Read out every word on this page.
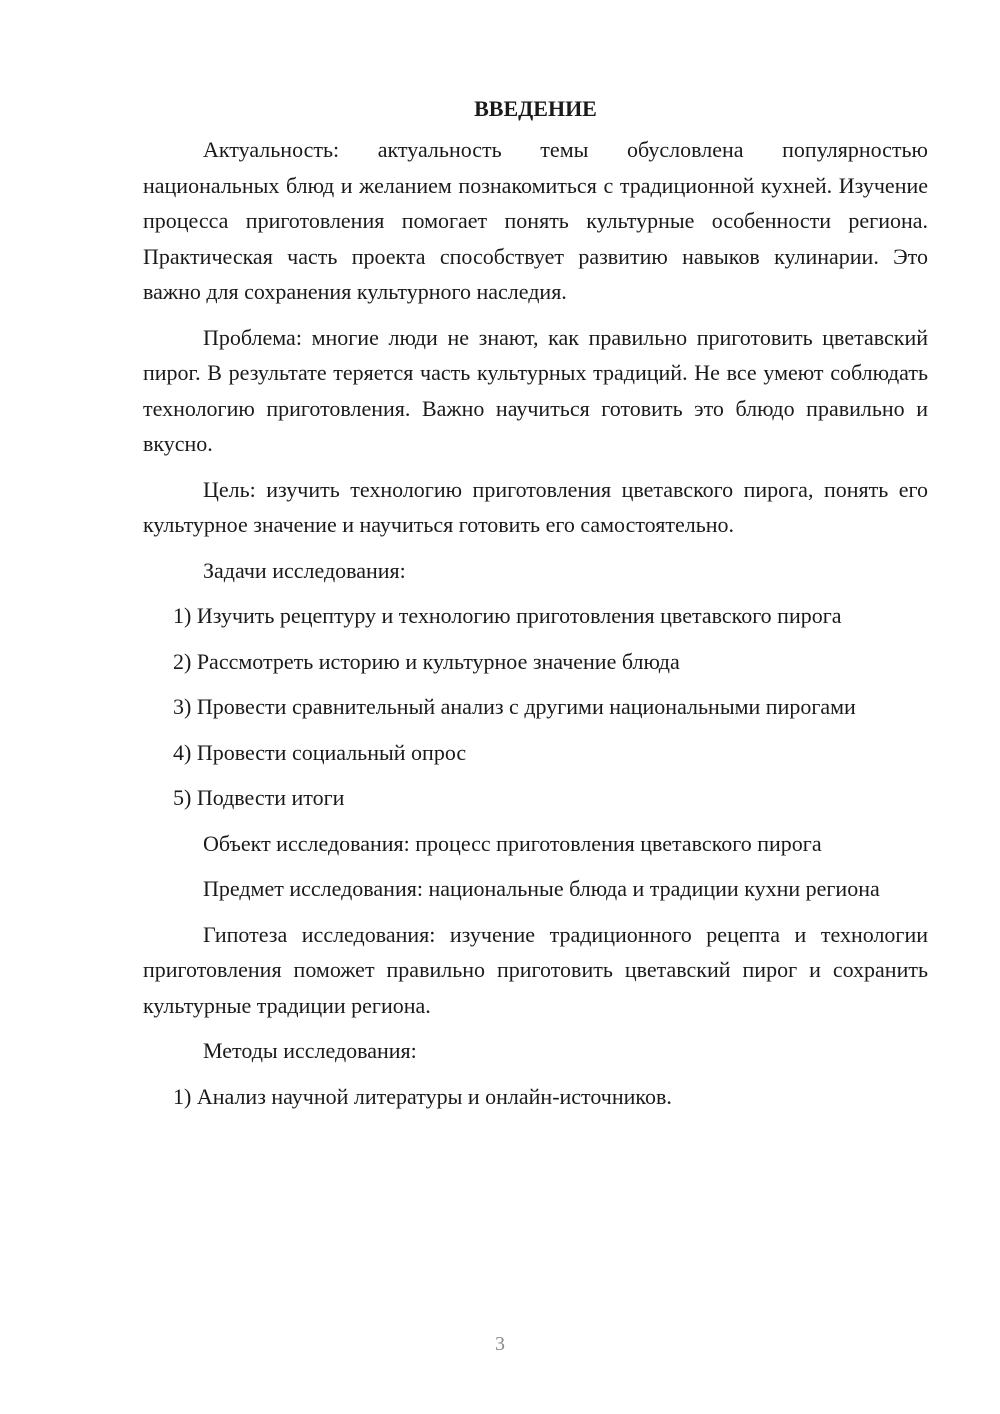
ВВЕДЕНИЕ
Актуальность: актуальность темы обусловлена популярностью национальных блюд и желанием познакомиться с традиционной кухней. Изучение процесса приготовления помогает понять культурные особенности региона. Практическая часть проекта способствует развитию навыков кулинарии. Это важно для сохранения культурного наследия.
Проблема: многие люди не знают, как правильно приготовить цветавский пирог. В результате теряется часть культурных традиций. Не все умеют соблюдать технологию приготовления. Важно научиться готовить это блюдо правильно и вкусно.
Цель: изучить технологию приготовления цветавского пирога, понять его культурное значение и научиться готовить его самостоятельно.
Задачи исследования:
1) Изучить рецептуру и технологию приготовления цветавского пирога
2) Рассмотреть историю и культурное значение блюда
3) Провести сравнительный анализ с другими национальными пирогами
4) Провести социальный опрос
5) Подвести итоги
Объект исследования: процесс приготовления цветавского пирога
Предмет исследования: национальные блюда и традиции кухни региона
Гипотеза исследования: изучение традиционного рецепта и технологии приготовления поможет правильно приготовить цветавский пирог и сохранить культурные традиции региона.
Методы исследования:
1) Анализ научной литературы и онлайн-источников.
3
